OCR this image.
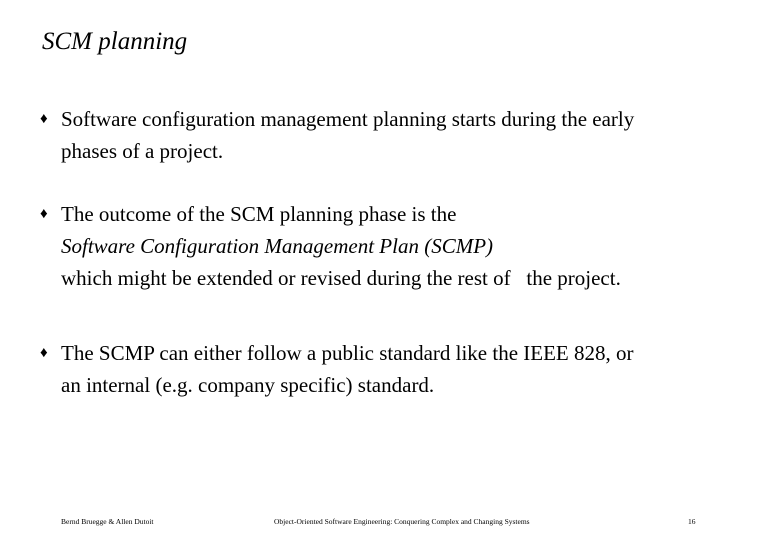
SCM planning
♦ Software configuration management planning starts during the early
phases of a project.
♦ The outcome of the SCM planning phase is the
Software Configuration Management Plan (SCMP)
which might be extended or revised during the rest of   the project.
♦ The SCMP can either follow a public standard like the IEEE 828, or
an internal (e.g. company specific) standard.
Bernd Bruegge & Allen Dutoit	Object-Oriented Software Engineering: Conquering Complex and Changing Systems	16
